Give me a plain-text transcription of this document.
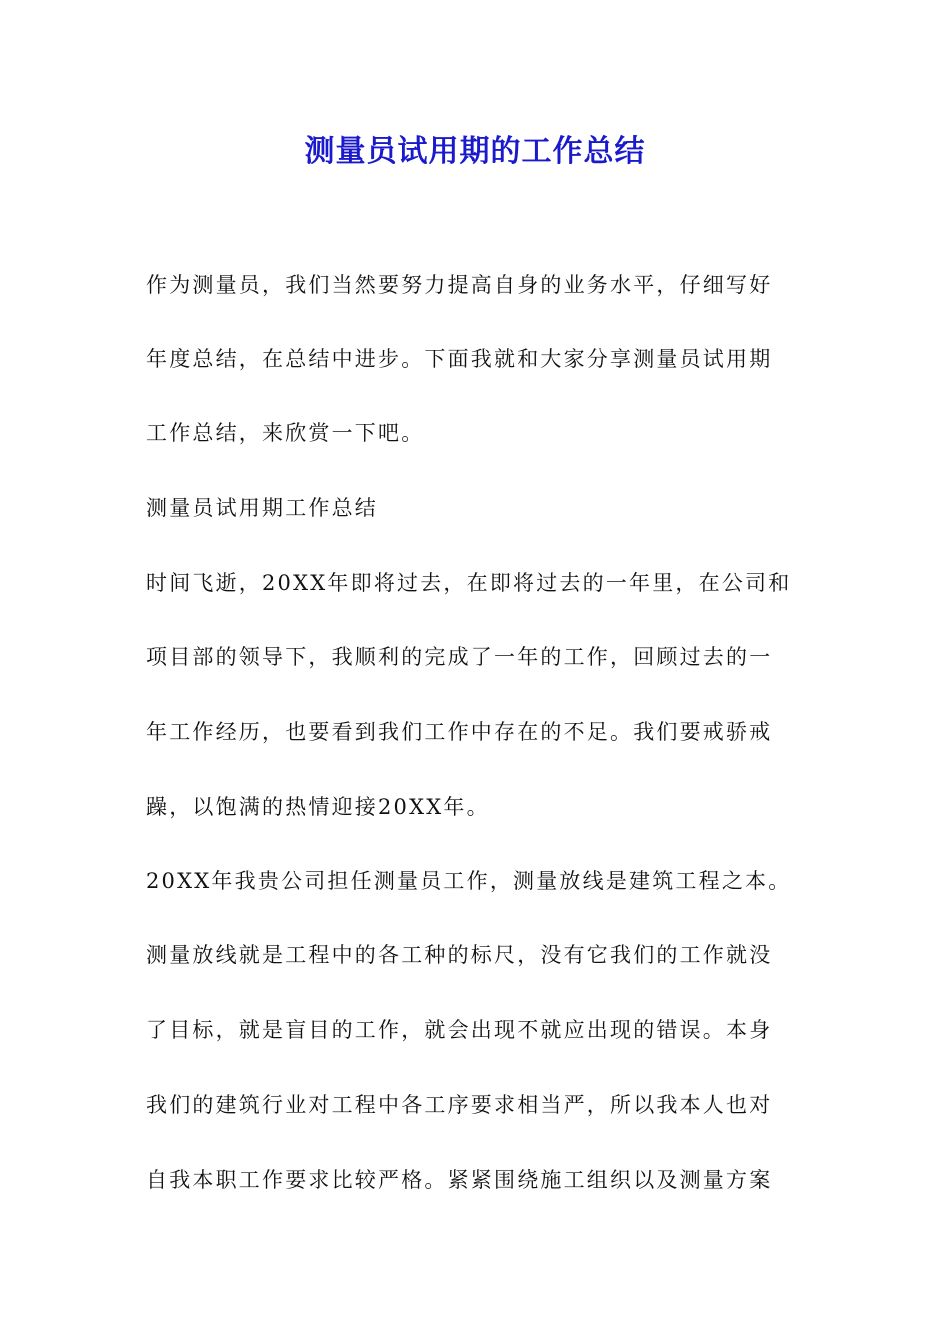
测量员试用期的工作总结
作为测量员，我们当然要努力提高自身的业务水平，仔细写好
年度总结，在总结中进步。下面我就和大家分享测量员试用期
工作总结，来欣赏一下吧。
测量员试用期工作总结
时间飞逝，20XX年即将过去，在即将过去的一年里，在公司和
项目部的领导下，我顺利的完成了一年的工作，回顾过去的一
年工作经历，也要看到我们工作中存在的不足。我们要戒骄戒
躁，以饱满的热情迎接20XX年。
20XX年我贵公司担任测量员工作，测量放线是建筑工程之本。
测量放线就是工程中的各工种的标尺，没有它我们的工作就没
了目标，就是盲目的工作，就会出现不就应出现的错误。本身
我们的建筑行业对工程中各工序要求相当严，所以我本人也对
自我本职工作要求比较严格。紧紧围绕施工组织以及测量方案
